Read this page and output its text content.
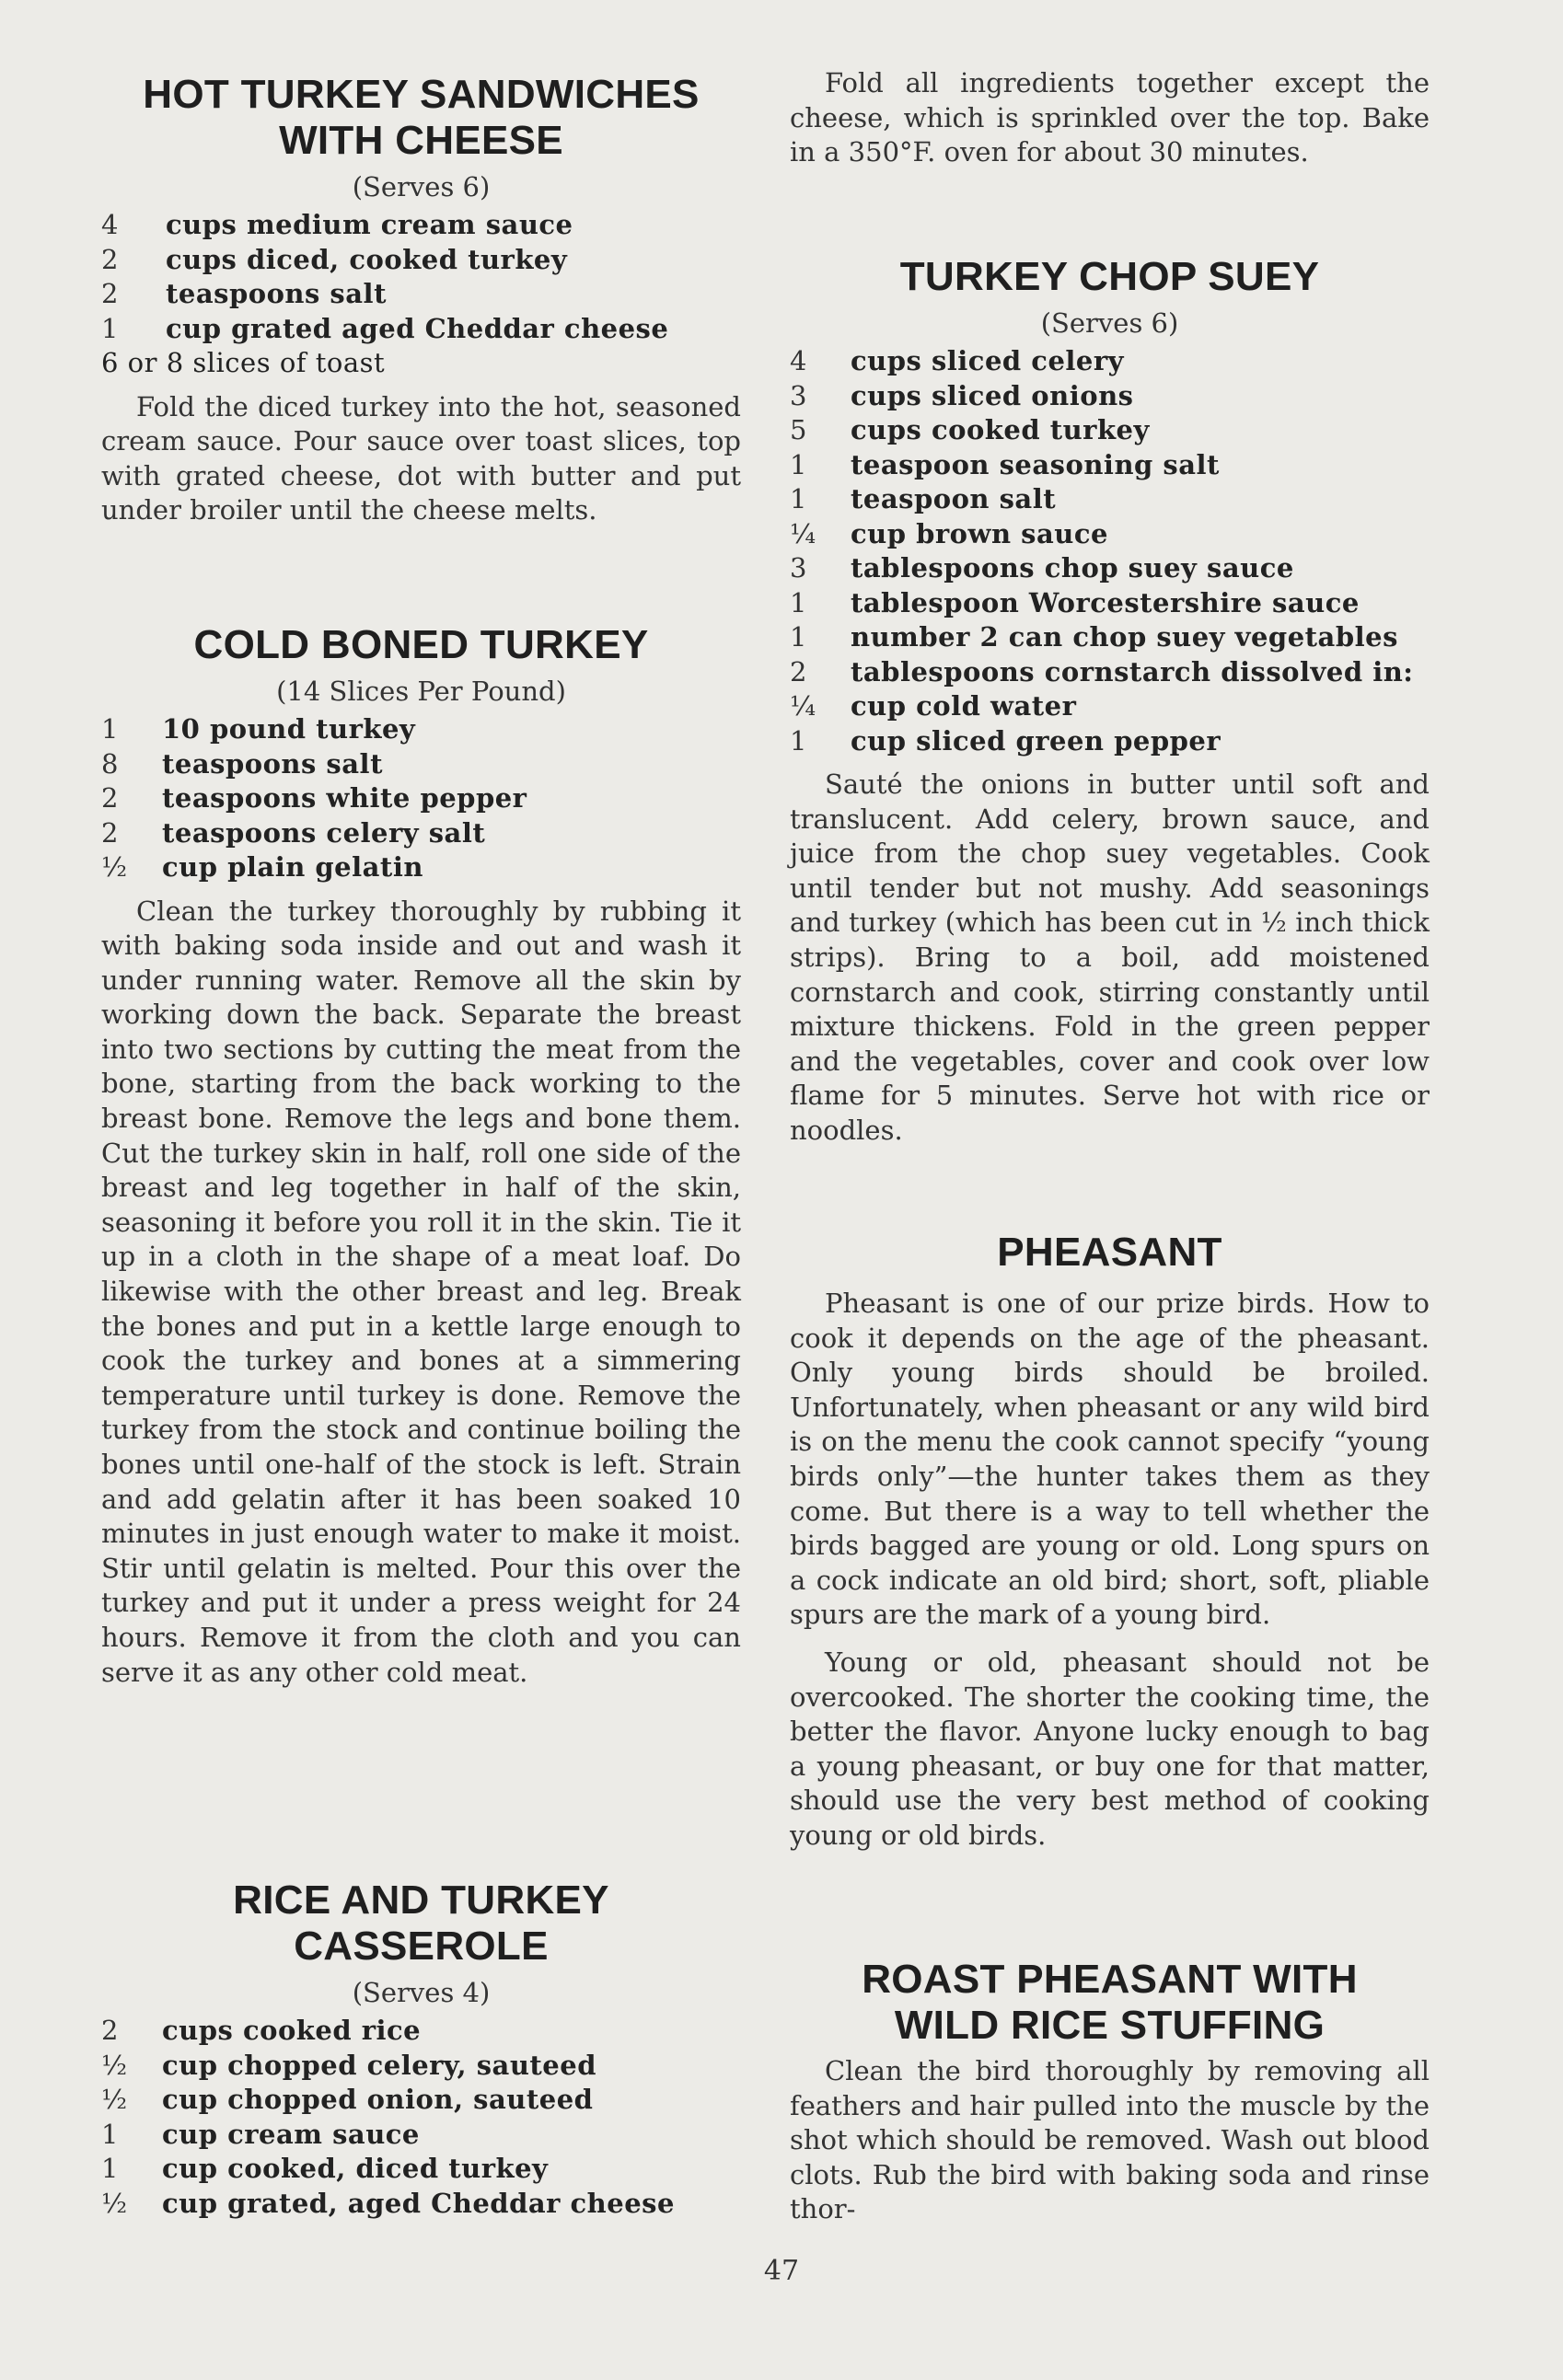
HOT TURKEY SANDWICHES
WITH CHEESE
(Serves 6)
4	cups medium cream sauce
2	cups diced, cooked turkey
2	teaspoons salt
1	cup grated aged Cheddar cheese
6 or 8 slices of toast

Fold the diced turkey into the hot, seasoned cream sauce. Pour sauce over toast slices, top with grated cheese, dot with butter and put under broiler until the cheese melts.

COLD BONED TURKEY
(14 Slices Per Pound)
1	10 pound turkey
8	teaspoons salt
2	teaspoons white pepper
2	teaspoons celery salt
½	cup plain gelatin

Clean the turkey thoroughly by rubbing it with baking soda inside and out and wash it under running water. Remove all the skin by working down the back. Separate the breast into two sections by cutting the meat from the bone, starting from the back working to the breast bone. Remove the legs and bone them. Cut the turkey skin in half, roll one side of the breast and leg together in half of the skin, seasoning it before you roll it in the skin. Tie it up in a cloth in the shape of a meat loaf. Do likewise with the other breast and leg. Break the bones and put in a kettle large enough to cook the turkey and bones at a simmering temperature until turkey is done. Remove the turkey from the stock and continue boiling the bones until one-half of the stock is left. Strain and add gelatin after it has been soaked 10 minutes in just enough water to make it moist. Stir until gelatin is melted. Pour this over the turkey and put it under a press weight for 24 hours. Remove it from the cloth and you can serve it as any other cold meat.

RICE AND TURKEY
CASSEROLE
(Serves 4)
2	cups cooked rice
½	cup chopped celery, sauteed
½	cup chopped onion, sauteed
1	cup cream sauce
1	cup cooked, diced turkey
½	cup grated, aged Cheddar cheese

Fold all ingredients together except the cheese, which is sprinkled over the top. Bake in a 350°F. oven for about 30 minutes.

TURKEY CHOP SUEY
(Serves 6)
4	cups sliced celery
3	cups sliced onions
5	cups cooked turkey
1	teaspoon seasoning salt
1	teaspoon salt
¼	cup brown sauce
3	tablespoons chop suey sauce
1	tablespoon Worcestershire sauce
1	number 2 can chop suey vegetables
2	tablespoons cornstarch dissolved in:
¼	cup cold water
1	cup sliced green pepper

Sauté the onions in butter until soft and translucent. Add celery, brown sauce, and juice from the chop suey vegetables. Cook until tender but not mushy. Add seasonings and turkey (which has been cut in ½ inch thick strips). Bring to a boil, add moistened cornstarch and cook, stirring constantly until mixture thickens. Fold in the green pepper and the vegetables, cover and cook over low flame for 5 minutes. Serve hot with rice or noodles.

PHEASANT

Pheasant is one of our prize birds. How to cook it depends on the age of the pheasant. Only young birds should be broiled. Unfortunately, when pheasant or any wild bird is on the menu the cook cannot specify “young birds only”—the hunter takes them as they come. But there is a way to tell whether the birds bagged are young or old. Long spurs on a cock indicate an old bird; short, soft, pliable spurs are the mark of a young bird.

Young or old, pheasant should not be overcooked. The shorter the cooking time, the better the flavor. Anyone lucky enough to bag a young pheasant, or buy one for that matter, should use the very best method of cooking young or old birds.

ROAST PHEASANT WITH
WILD RICE STUFFING

Clean the bird thoroughly by removing all feathers and hair pulled into the muscle by the shot which should be removed. Wash out blood clots. Rub the bird with baking soda and rinse thor-

47
